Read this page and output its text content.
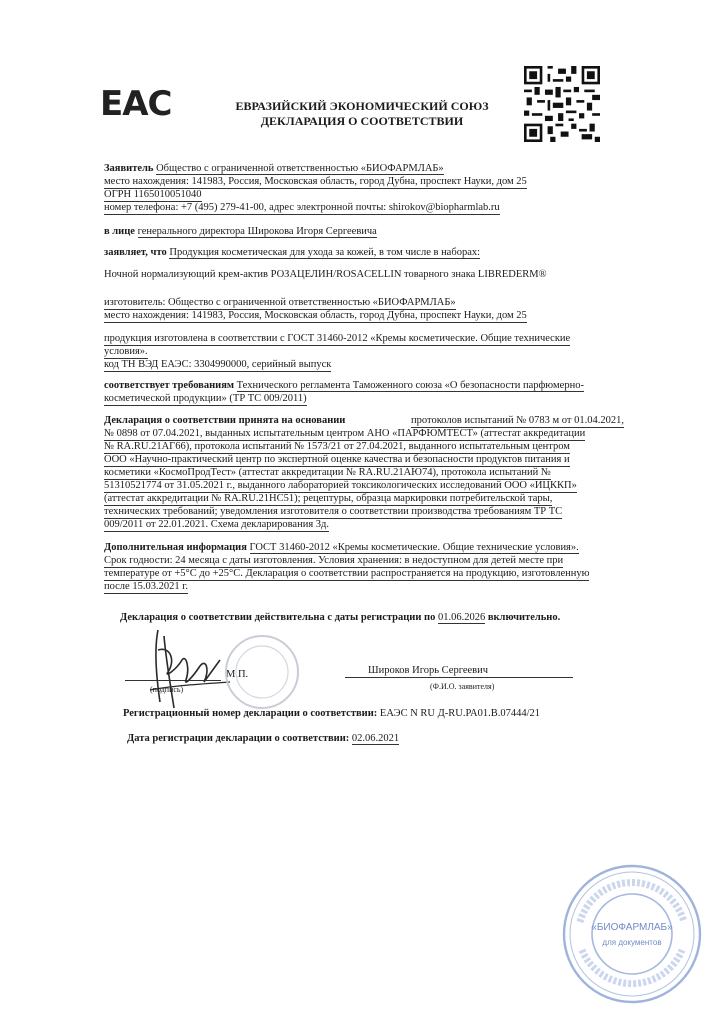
EAC	ЕВРАЗИЙСКИЙ ЭКОНОМИЧЕСКИЙ СОЮЗ
ДЕКЛАРАЦИЯ О СООТВЕТСТВИИ
Заявитель Общество с ограниченной ответственностью «БИОФАРМЛАБ»
место нахождения: 141983, Россия, Московская область, город Дубна, проспект Науки, дом 25
ОГРН 1165010051040
номер телефона: +7 (495) 279-41-00, адрес электронной почты: shirokov@biopharmlab.ru
в лице генерального директора Широкова Игоря Сергеевича
заявляет, что Продукция косметическая для ухода за кожей, в том числе в наборах:
Ночной нормализующий крем-актив РОЗАЦЕЛИН/ROSACELLIN товарного знака LIBREDERM®
изготовитель: Общество с ограниченной ответственностью «БИОФАРМЛАБ»
место нахождения: 141983, Россия, Московская область, город Дубна, проспект Науки, дом 25
продукция изготовлена в соответствии с ГОСТ 31460-2012 «Кремы косметические. Общие технические
условия».
код ТН ВЭД ЕАЭС: 3304990000, серийный выпуск
соответствует требованиям Технического регламента Таможенного союза «О безопасности парфюмерно-
косметической продукции» (ТР ТС 009/2011)
Декларация о соответствии принята на основании	протоколов испытаний № 0783 м от 01.04.2021,
№ 0898 от 07.04.2021, выданных испытательным центром АНО «ПАРФЮМТЕСТ» (аттестат аккредитации
№ RA.RU.21АГ66), протокола испытаний № 1573/21 от 27.04.2021, выданного испытательным центром
ООО «Научно-практический центр по экспертной оценке качества и безопасности продуктов питания и
косметики «КосмоПродТест» (аттестат аккредитации № RA.RU.21АЮ74), протокола испытаний №
51310521774 от 31.05.2021 г., выданного лабораторией токсикологических исследований ООО «ИЦККП»
(аттестат аккредитации № RA.RU.21HC51); рецептуры, образца маркировки потребительской тары,
технических требований; уведомления изготовителя о соответствии производства требованиям ТР ТС
009/2011 от 22.01.2021. Схема декларирования 3д.
Дополнительная информация ГОСТ 31460-2012 «Кремы косметические. Общие технические условия».
Срок годности: 24 месяца с даты изготовления. Условия хранения: в недоступном для детей месте при
температуре от +5°С до +25°С. Декларация о соответствии распространяется на продукцию, изготовленную
после 15.03.2021 г.
Декларация о соответствии действительна с даты регистрации по 01.06.2026 включительно.
(подпись)
М.П.	Широков Игорь Сергеевич
(Ф.И.О. заявителя)
Регистрационный номер декларации о соответствии: ЕАЭС N RU Д-RU.РА01.В.07444/21
Дата регистрации декларации о соответствии: 02.06.2021
«БИОФАРМЛАБ»
для документов
